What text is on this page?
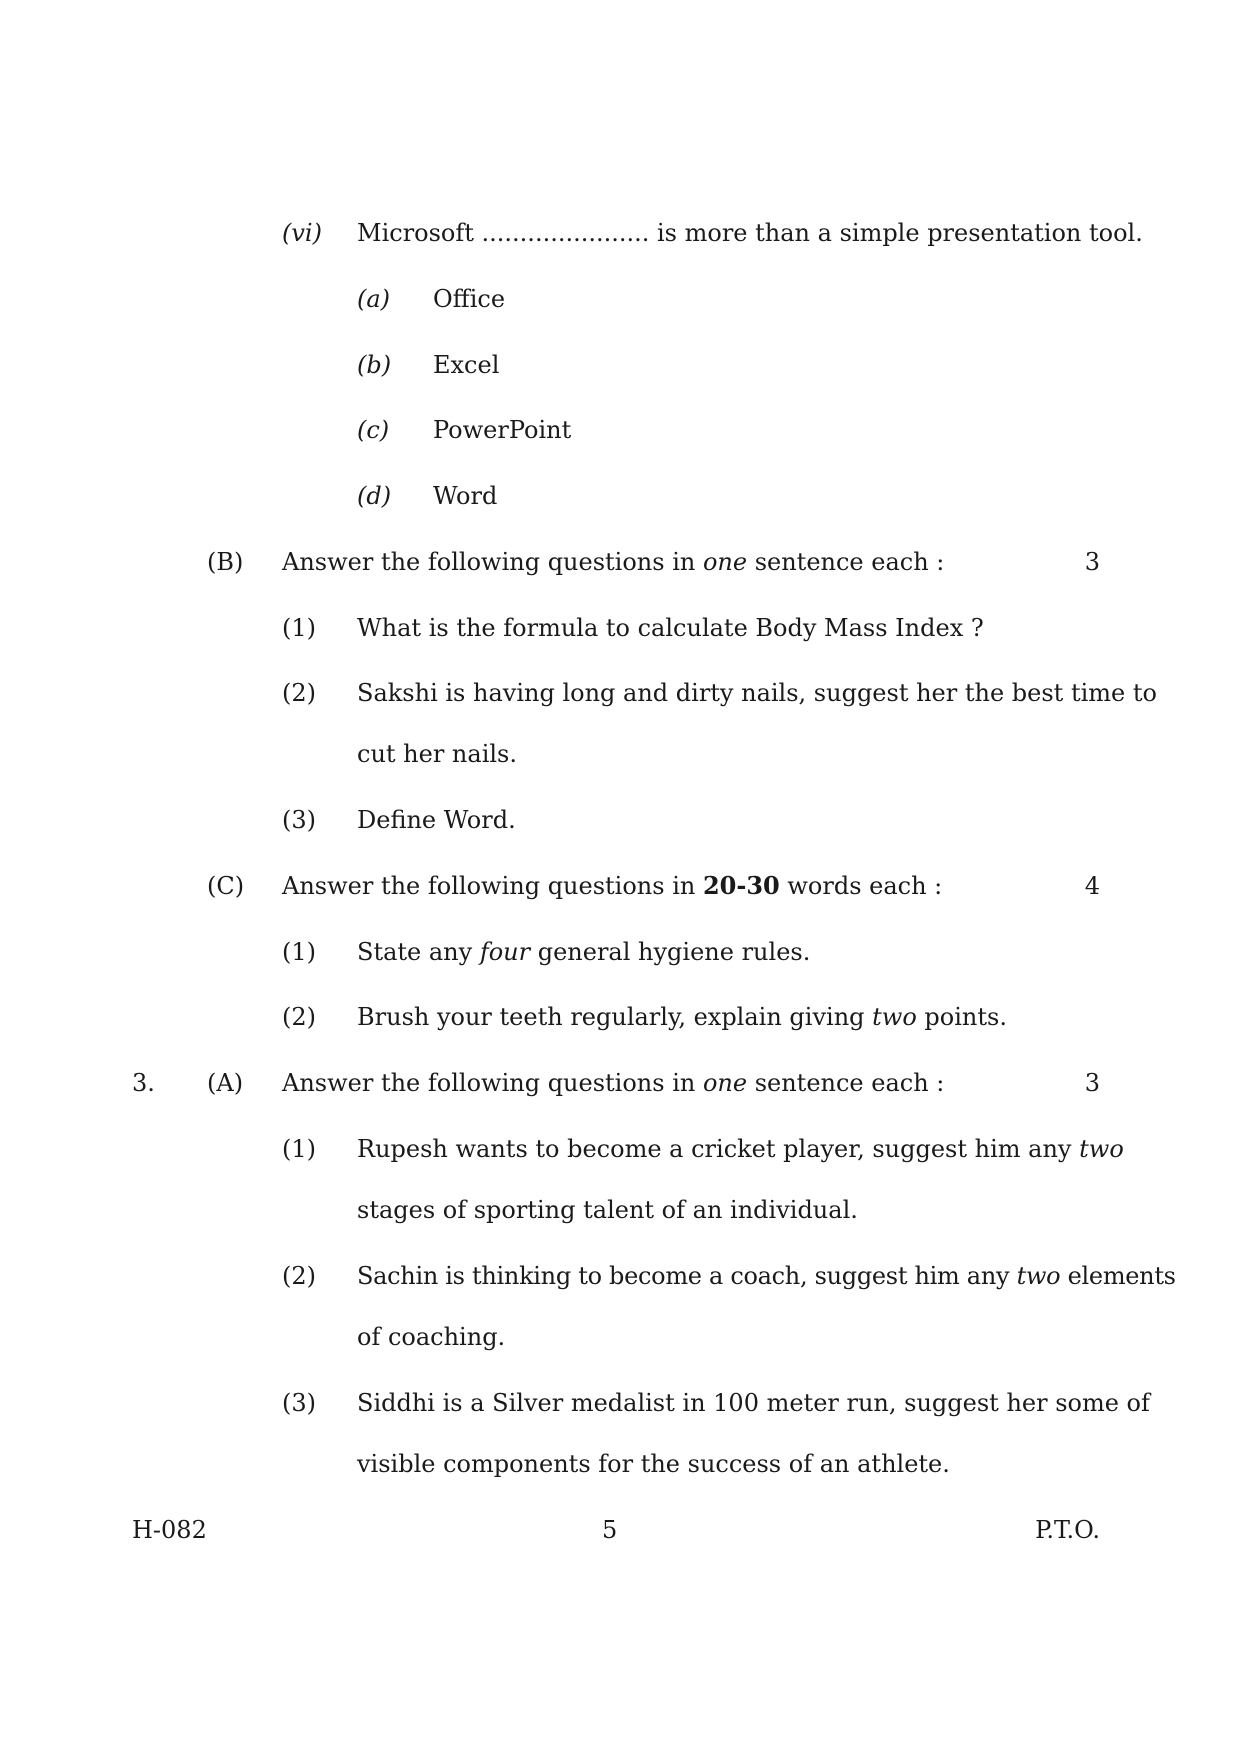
(vi) Microsoft ...................... is more than a simple presentation tool.
(a) Office
(b) Excel
(c) PowerPoint
(d) Word
(B) Answer the following questions in one sentence each :	3
(1) What is the formula to calculate Body Mass Index ?
(2) Sakshi is having long and dirty nails, suggest her the best time to
cut her nails.
(3) Define Word.
(C) Answer the following questions in 20-30 words each :	4
(1) State any four general hygiene rules.
(2) Brush your teeth regularly, explain giving two points.
3. (A) Answer the following questions in one sentence each :	3
(1) Rupesh wants to become a cricket player, suggest him any two
stages of sporting talent of an individual.
(2) Sachin is thinking to become a coach, suggest him any two elements
of coaching.
(3) Siddhi is a Silver medalist in 100 meter run, suggest her some of
visible components for the success of an athlete.
H-082	5	P.T.O.
